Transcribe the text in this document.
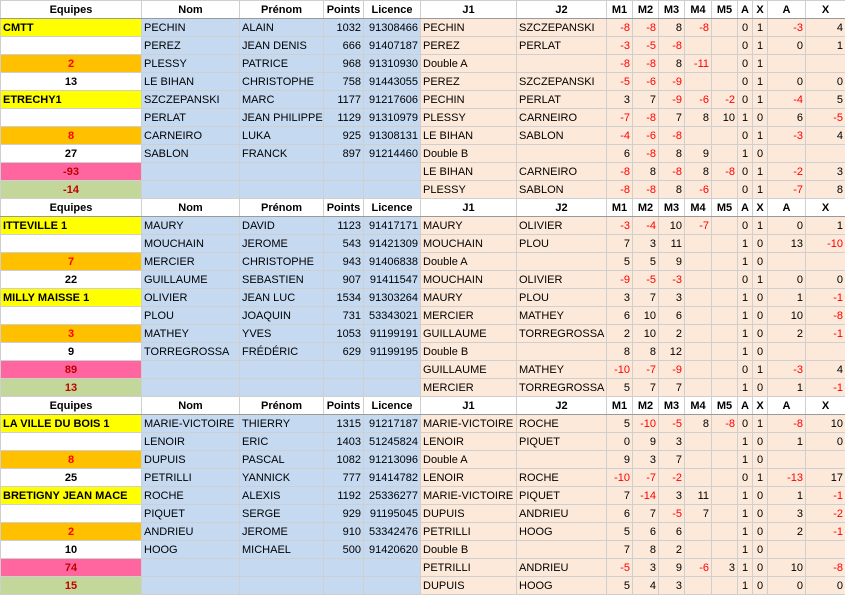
Equipes	Nom	Prénom	Points	Licence	J1	J2	M1	M2	M3	M4	M5	A	X	A	X
CMTT	PECHIN	ALAIN	1032	91308466	PECHIN	SZCZEPANSKI	-8	-8	8	-8		0	1	-3	4
	PEREZ	JEAN DENIS	666	91407187	PEREZ	PERLAT	-3	-5	-8			0	1	0	1
2	PLESSY	PATRICE	968	91310930	Double A		-8	-8	8	-11		0	1		
13	LE BIHAN	CHRISTOPHE	758	91443055	PEREZ	SZCZEPANSKI	-5	-6	-9			0	1	0	0
ETRECHY1	SZCZEPANSKI	MARC	1177	91217606	PECHIN	PERLAT	3	7	-9	-6	-2	0	1	-4	5
	PERLAT	JEAN PHILIPPE	1129	91310979	PLESSY	CARNEIRO	-7	-8	7	8	10	1	0	6	-5
8	CARNEIRO	LUKA	925	91308131	LE BIHAN	SABLON	-4	-6	-8			0	1	-3	4
27	SABLON	FRANCK	897	91214460	Double B		6	-8	8	9		1	0		
-93					LE BIHAN	CARNEIRO	-8	8	-8	8	-8	0	1	-2	3
-14					PLESSY	SABLON	-8	-8	8	-6		0	1	-7	8
Equipes	Nom	Prénom	Points	Licence	J1	J2	M1	M2	M3	M4	M5	A	X	A	X
ITTEVILLE 1	MAURY	DAVID	1123	91417171	MAURY	OLIVIER	-3	-4	10	-7		0	1	0	1
	MOUCHAIN	JEROME	543	91421309	MOUCHAIN	PLOU	7	3	11			1	0	13	-10
7	MERCIER	CHRISTOPHE	943	91406838	Double A		5	5	9			1	0		
22	GUILLAUME	SEBASTIEN	907	91411547	MOUCHAIN	OLIVIER	-9	-5	-3			0	1	0	0
MILLY MAISSE 1	OLIVIER	JEAN LUC	1534	91303264	MAURY	PLOU	3	7	3			1	0	1	-1
	PLOU	JOAQUIN	731	53343021	MERCIER	MATHEY	6	10	6			1	0	10	-8
3	MATHEY	YVES	1053	91199191	GUILLAUME	TORREGROSSA	2	10	2			1	0	2	-1
9	TORREGROSSA	FRÉDÉRIC	629	91199195	Double B		8	8	12			1	0		
89					GUILLAUME	MATHEY	-10	-7	-9			0	1	-3	4
13					MERCIER	TORREGROSSA	5	7	7			1	0	1	-1
Equipes	Nom	Prénom	Points	Licence	J1	J2	M1	M2	M3	M4	M5	A	X	A	X
LA VILLE DU BOIS 1	MARIE-VICTOIRE	THIERRY	1315	91217187	MARIE-VICTOIRE	ROCHE	5	-10	-5	8	-8	0	1	-8	10
	LENOIR	ERIC	1403	51245824	LENOIR	PIQUET	0	9	3			1	0	1	0
8	DUPUIS	PASCAL	1082	91213096	Double A		9	3	7			1	0		
25	PETRILLI	YANNICK	777	91414782	LENOIR	ROCHE	-10	-7	-2			0	1	-13	17
BRETIGNY JEAN MACE	ROCHE	ALEXIS	1192	25336277	MARIE-VICTOIRE	PIQUET	7	-14	3	11		1	0	1	-1
	PIQUET	SERGE	929	91195045	DUPUIS	ANDRIEU	6	7	-5	7		1	0	3	-2
2	ANDRIEU	JEROME	910	53342476	PETRILLI	HOOG	5	6	6			1	0	2	-1
10	HOOG	MICHAEL	500	91420620	Double B		7	8	2			1	0		
74					PETRILLI	ANDRIEU	-5	3	9	-6	3	1	0	10	-8
15					DUPUIS	HOOG	5	4	3			1	0	0	0
